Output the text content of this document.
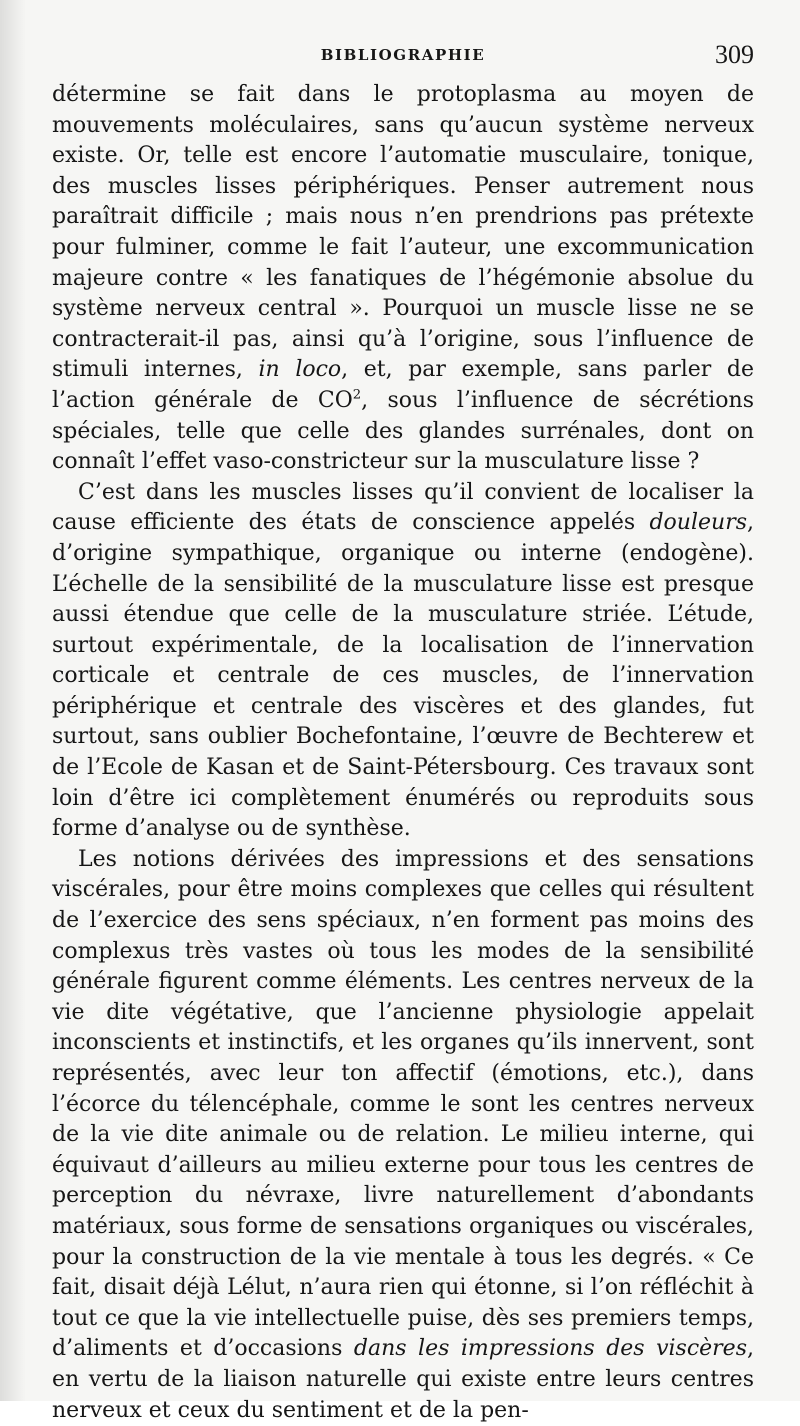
BIBLIOGRAPHIE	309

détermine se fait dans le protoplasma au moyen de mouvements moléculaires, sans qu’aucun système nerveux existe. Or, telle est encore l’automatie musculaire, tonique, des muscles lisses périphériques. Penser autrement nous paraîtrait difficile ; mais nous n’en prendrions pas prétexte pour fulminer, comme le fait l’auteur, une excommunication majeure contre « les fanatiques de l’hégémonie absolue du système nerveux central ». Pourquoi un muscle lisse ne se contracterait-il pas, ainsi qu’à l’origine, sous l’influence de stimuli internes, in loco, et, par exemple, sans parler de l’action générale de $CO^2$, sous l’influence de sécrétions spéciales, telle que celle des glandes surrénales, dont on connaît l’effet vaso-constricteur sur la musculature lisse ?

C’est dans les muscles lisses qu’il convient de localiser la cause efficiente des états de conscience appelés douleurs, d’origine sympathique, organique ou interne (endogène). L’échelle de la sensibilité de la musculature lisse est presque aussi étendue que celle de la musculature striée. L’étude, surtout expérimentale, de la localisation de l’innervation corticale et centrale de ces muscles, de l’innervation périphérique et centrale des viscères et des glandes, fut surtout, sans oublier Bochefontaine, l’œuvre de Bechterew et de l’Ecole de Kasan et de Saint-Pétersbourg. Ces travaux sont loin d’être ici complètement énumérés ou reproduits sous forme d’analyse ou de synthèse.

Les notions dérivées des impressions et des sensations viscérales, pour être moins complexes que celles qui résultent de l’exercice des sens spéciaux, n’en forment pas moins des complexus très vastes où tous les modes de la sensibilité générale figurent comme éléments. Les centres nerveux de la vie dite végétative, que l’ancienne physiologie appelait inconscients et instinctifs, et les organes qu’ils innervent, sont représentés, avec leur ton affectif (émotions, etc.), dans l’écorce du télencéphale, comme le sont les centres nerveux de la vie dite animale ou de relation. Le milieu interne, qui équivaut d’ailleurs au milieu externe pour tous les centres de perception du névraxe, livre naturellement d’abondants matériaux, sous forme de sensations organiques ou viscérales, pour la construction de la vie mentale à tous les degrés. « Ce fait, disait déjà Lélut, n’aura rien qui étonne, si l’on réfléchit à tout ce que la vie intellectuelle puise, dès ses premiers temps, d’aliments et d’occasions dans les impressions des viscères, en vertu de la liaison naturelle qui existe entre leurs centres nerveux et ceux du sentiment et de la pen-
